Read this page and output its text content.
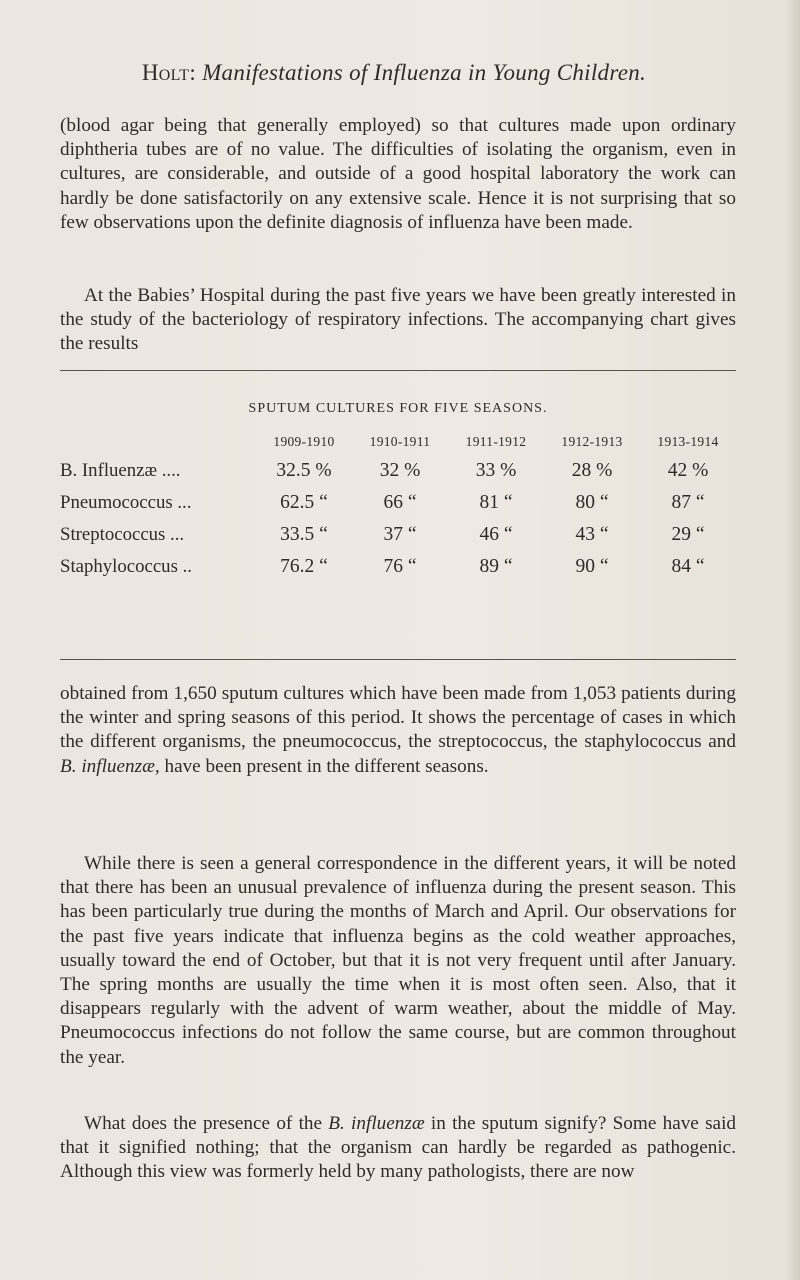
Holt: Manifestations of Influenza in Young Children.

(blood agar being that generally employed) so that cultures made upon ordinary diphtheria tubes are of no value. The difficulties of isolating the organism, even in cultures, are considerable, and outside of a good hospital laboratory the work can hardly be done satisfactorily on any extensive scale. Hence it is not surprising that so few observations upon the definite diagnosis of influenza have been made.

At the Babies’ Hospital during the past five years we have been greatly interested in the study of the bacteriology of respiratory infections. The accompanying chart gives the results

SPUTUM CULTURES FOR FIVE SEASONS.
	1909-1910	1910-1911	1911-1912	1912-1913	1913-1914
B. Influenzæ ....	32.5 %	32 %	33 %	28 %	42 %
Pneumococcus ...	62.5 “	66 “	81 “	80 “	87 “
Streptococcus ...	33.5 “	37 “	46 “	43 “	29 “
Staphylococcus ..	76.2 “	76 “	89 “	90 “	84 “

obtained from 1,650 sputum cultures which have been made from 1,053 patients during the winter and spring seasons of this period. It shows the percentage of cases in which the different organisms, the pneumococcus, the streptococcus, the staphylococcus and B. influenzæ, have been present in the different seasons.

While there is seen a general correspondence in the different years, it will be noted that there has been an unusual prevalence of influenza during the present season. This has been particularly true during the months of March and April. Our observations for the past five years indicate that influenza begins as the cold weather approaches, usually toward the end of October, but that it is not very frequent until after January. The spring months are usually the time when it is most often seen. Also, that it disappears regularly with the advent of warm weather, about the middle of May. Pneumococcus infections do not follow the same course, but are common throughout the year.

What does the presence of the B. influenzæ in the sputum signify? Some have said that it signified nothing; that the organism can hardly be regarded as pathogenic. Although this view was formerly held by many pathologists, there are now
